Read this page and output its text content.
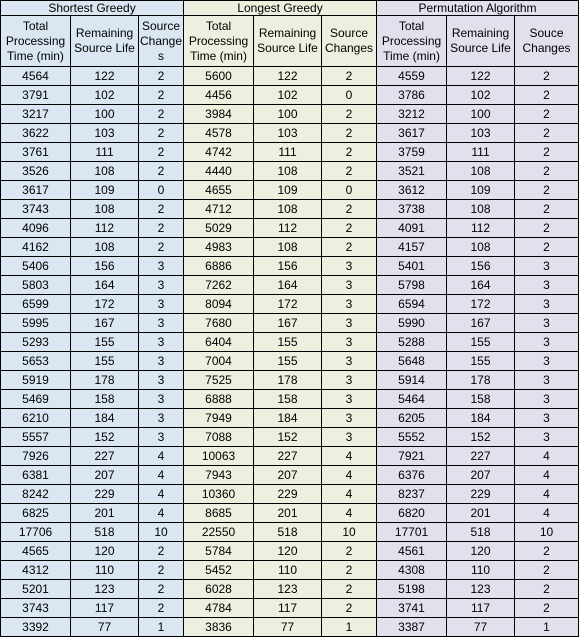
Shortest Greedy			Longest Greedy			Permutation Algorithm		
Total Processing Time (min)	Remaining Source Life	Source Changes	Total Processing Time (min)	Remaining Source Life	Source Changes	Total Processing Time (min)	Remaining Source Life	Souce Changes
4564	122	2	5600	122	2	4559	122	2
3791	102	2	4456	102	0	3786	102	2
3217	100	2	3984	100	2	3212	100	2
3622	103	2	4578	103	2	3617	103	2
3761	111	2	4742	111	2	3759	111	2
3526	108	2	4440	108	2	3521	108	2
3617	109	0	4655	109	0	3612	109	2
3743	108	2	4712	108	2	3738	108	2
4096	112	2	5029	112	2	4091	112	2
4162	108	2	4983	108	2	4157	108	2
5406	156	3	6886	156	3	5401	156	3
5803	164	3	7262	164	3	5798	164	3
6599	172	3	8094	172	3	6594	172	3
5995	167	3	7680	167	3	5990	167	3
5293	155	3	6404	155	3	5288	155	3
5653	155	3	7004	155	3	5648	155	3
5919	178	3	7525	178	3	5914	178	3
5469	158	3	6888	158	3	5464	158	3
6210	184	3	7949	184	3	6205	184	3
5557	152	3	7088	152	3	5552	152	3
7926	227	4	10063	227	4	7921	227	4
6381	207	4	7943	207	4	6376	207	4
8242	229	4	10360	229	4	8237	229	4
6825	201	4	8685	201	4	6820	201	4
17706	518	10	22550	518	10	17701	518	10
4565	120	2	5784	120	2	4561	120	2
4312	110	2	5452	110	2	4308	110	2
5201	123	2	6028	123	2	5198	123	2
3743	117	2	4784	117	2	3741	117	2
3392	77	1	3836	77	1	3387	77	1
